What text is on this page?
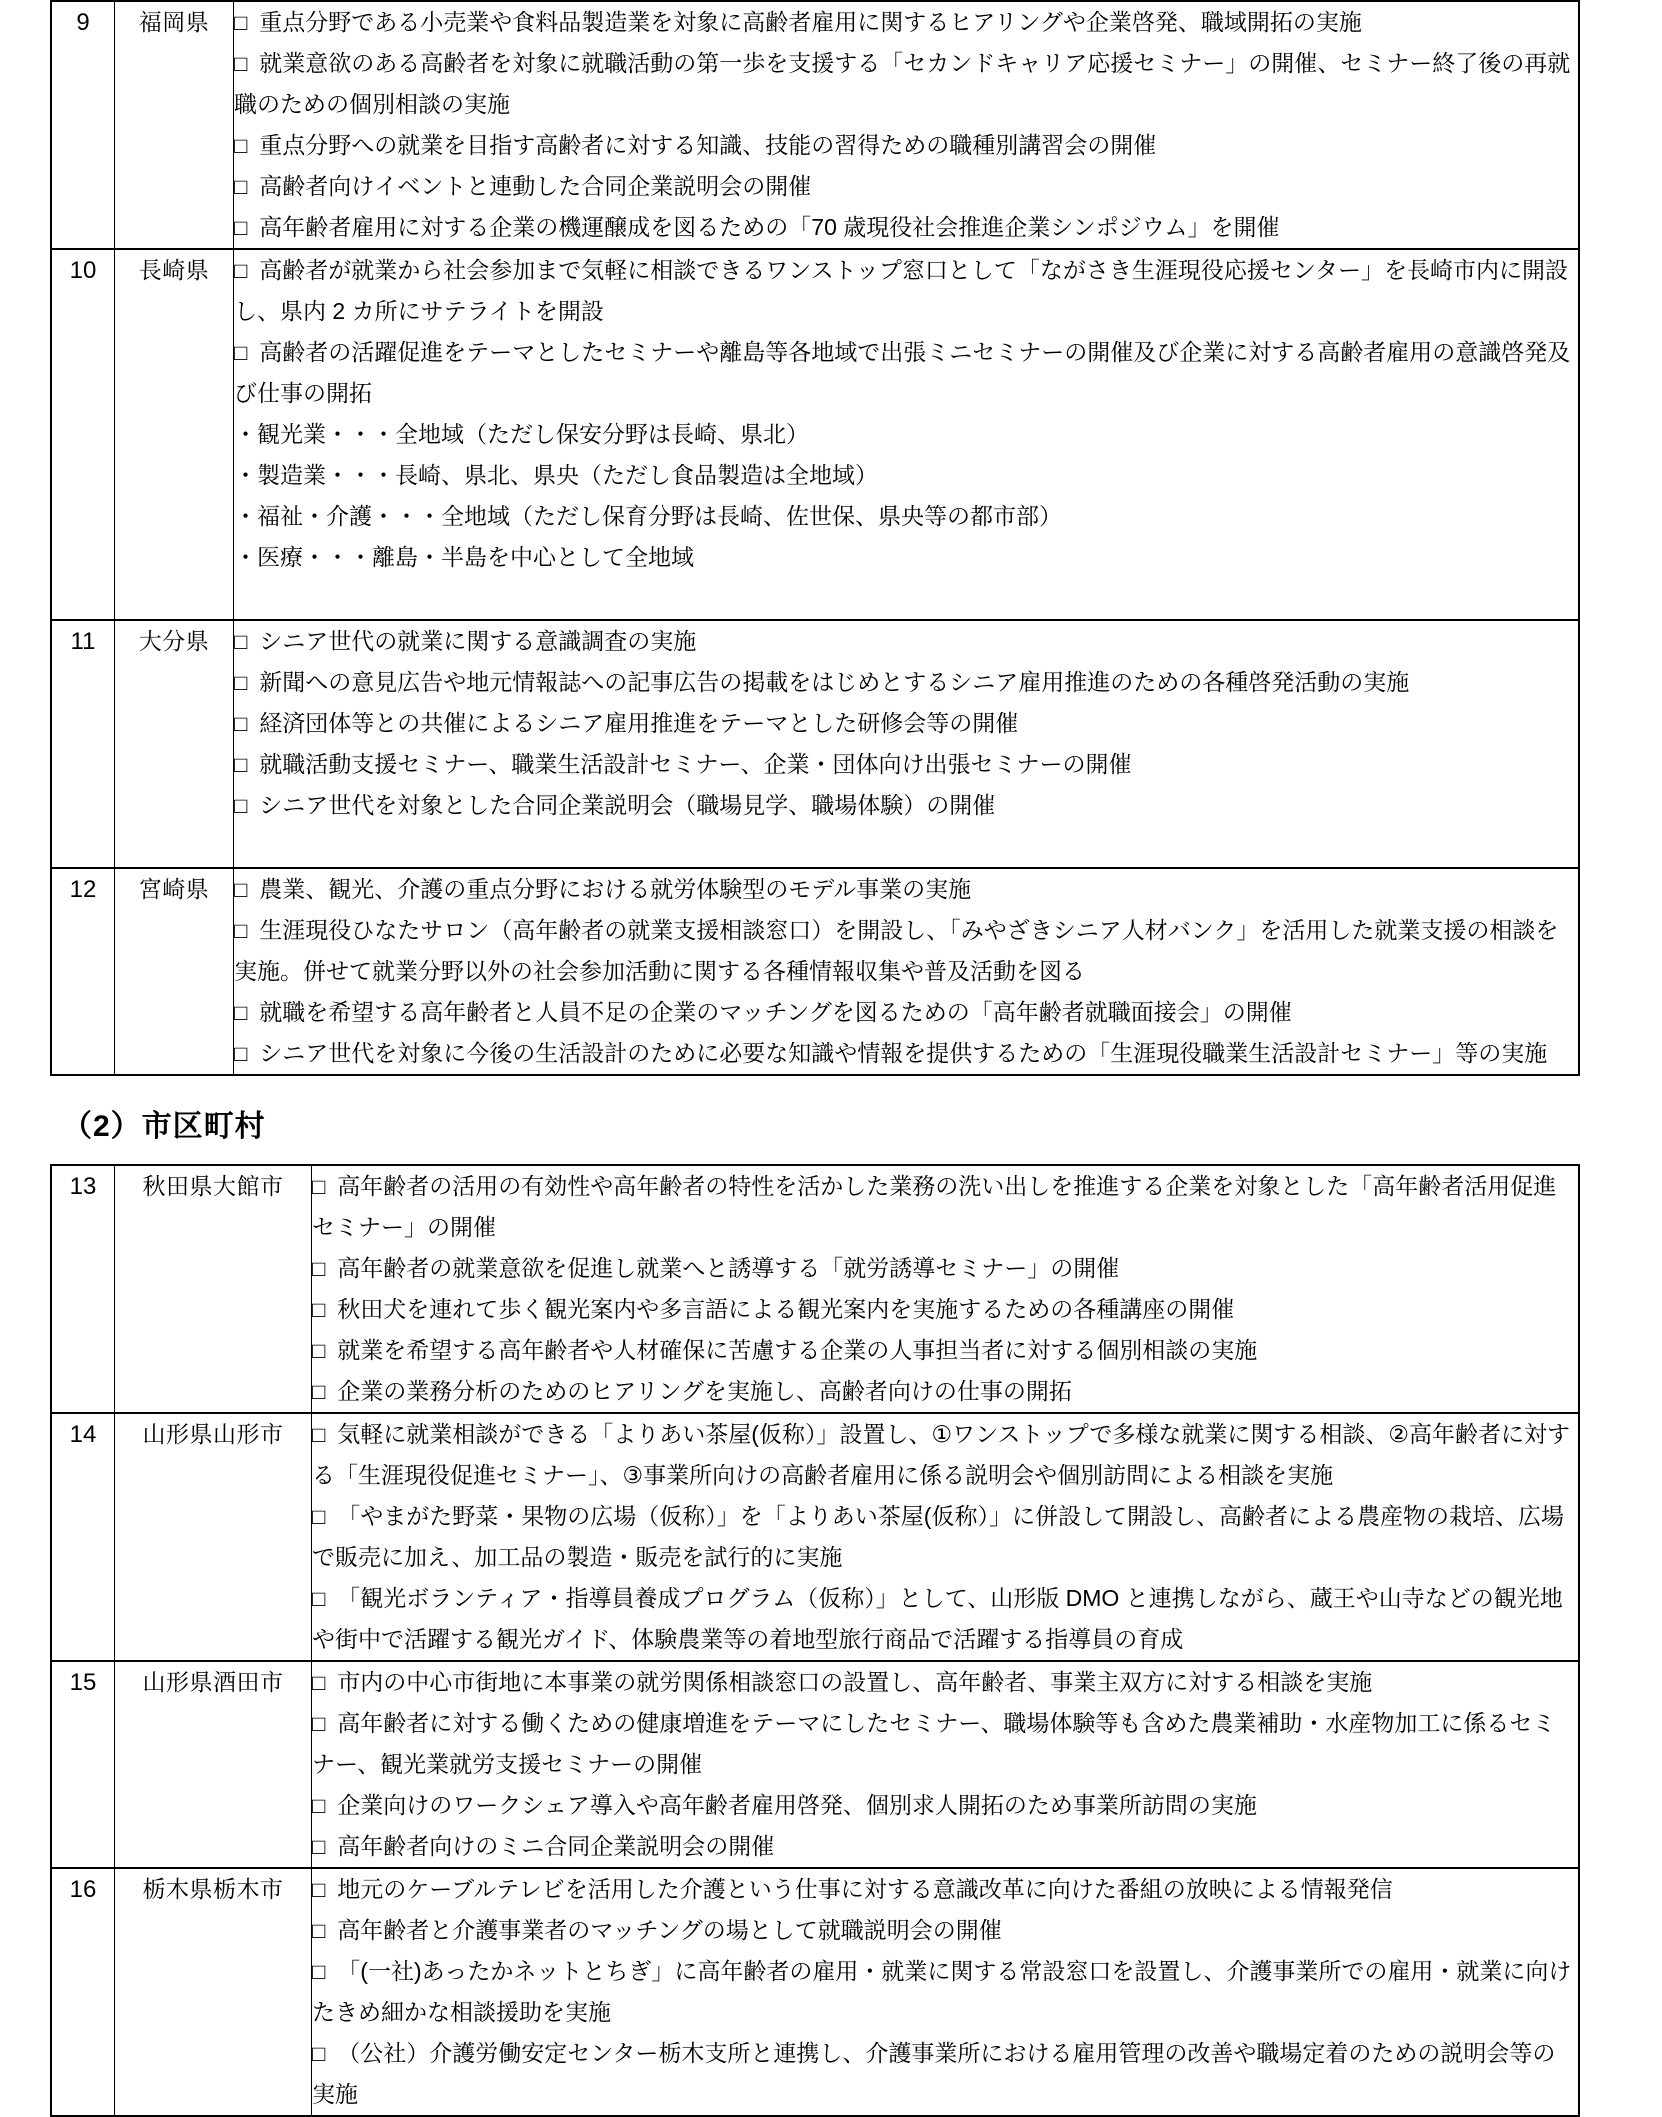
9	福岡県	□ 重点分野である小売業や食料品製造業を対象に高齢者雇用に関するヒアリングや企業啓発、職域開拓の実施
□ 就業意欲のある高齢者を対象に就職活動の第一歩を支援する「セカンドキャリア応援セミナー」の開催、セミナー終了後の再就職のための個別相談の実施
□ 重点分野への就業を目指す高齢者に対する知識、技能の習得ための職種別講習会の開催
□ 高齢者向けイベントと連動した合同企業説明会の開催
□ 高年齢者雇用に対する企業の機運醸成を図るための「70 歳現役社会推進企業シンポジウム」を開催

10	長崎県	□ 高齢者が就業から社会参加まで気軽に相談できるワンストップ窓口として「ながさき生涯現役応援センター」を長崎市内に開設し、県内 2 カ所にサテライトを開設
□ 高齢者の活躍促進をテーマとしたセミナーや離島等各地域で出張ミニセミナーの開催及び企業に対する高齢者雇用の意識啓発及び仕事の開拓
・観光業・・・全地域（ただし保安分野は長崎、県北）
・製造業・・・長崎、県北、県央（ただし食品製造は全地域）
・福祉・介護・・・全地域（ただし保育分野は長崎、佐世保、県央等の都市部）
・医療・・・離島・半島を中心として全地域

11	大分県	□ シニア世代の就業に関する意識調査の実施
□ 新聞への意見広告や地元情報誌への記事広告の掲載をはじめとするシニア雇用推進のための各種啓発活動の実施
□ 経済団体等との共催によるシニア雇用推進をテーマとした研修会等の開催
□ 就職活動支援セミナー、職業生活設計セミナー、企業・団体向け出張セミナーの開催
□ シニア世代を対象とした合同企業説明会（職場見学、職場体験）の開催

12	宮崎県	□ 農業、観光、介護の重点分野における就労体験型のモデル事業の実施
□ 生涯現役ひなたサロン（高年齢者の就業支援相談窓口）を開設し、「みやざきシニア人材バンク」を活用した就業支援の相談を実施。併せて就業分野以外の社会参加活動に関する各種情報収集や普及活動を図る
□ 就職を希望する高年齢者と人員不足の企業のマッチングを図るための「高年齢者就職面接会」の開催
□ シニア世代を対象に今後の生活設計のために必要な知識や情報を提供するための「生涯現役職業生活設計セミナー」等の実施
（2）市区町村
13	秋田県大館市	□ 高年齢者の活用の有効性や高年齢者の特性を活かした業務の洗い出しを推進する企業を対象とした「高年齢者活用促進セミナー」の開催
□ 高年齢者の就業意欲を促進し就業へと誘導する「就労誘導セミナー」の開催
□ 秋田犬を連れて歩く観光案内や多言語による観光案内を実施するための各種講座の開催
□ 就業を希望する高年齢者や人材確保に苦慮する企業の人事担当者に対する個別相談の実施
□ 企業の業務分析のためのヒアリングを実施し、高齢者向けの仕事の開拓

14	山形県山形市	□ 気軽に就業相談ができる「よりあい茶屋(仮称）」設置し、①ワンストップで多様な就業に関する相談、②高年齢者に対する「生涯現役促進セミナー」、③事業所向けの高齢者雇用に係る説明会や個別訪問による相談を実施
□ 「やまがた野菜・果物の広場（仮称）」を「よりあい茶屋(仮称）」に併設して開設し、高齢者による農産物の栽培、広場で販売に加え、加工品の製造・販売を試行的に実施
□ 「観光ボランティア・指導員養成プログラム（仮称）」として、山形版 DMO と連携しながら、蔵王や山寺などの観光地や街中で活躍する観光ガイド、体験農業等の着地型旅行商品で活躍する指導員の育成

15	山形県酒田市	□ 市内の中心市街地に本事業の就労関係相談窓口の設置し、高年齢者、事業主双方に対する相談を実施
□ 高年齢者に対する働くための健康増進をテーマにしたセミナー、職場体験等も含めた農業補助・水産物加工に係るセミナー、観光業就労支援セミナーの開催
□ 企業向けのワークシェア導入や高年齢者雇用啓発、個別求人開拓のため事業所訪問の実施
□ 高年齢者向けのミニ合同企業説明会の開催

16	栃木県栃木市	□ 地元のケーブルテレビを活用した介護という仕事に対する意識改革に向けた番組の放映による情報発信
□ 高年齢者と介護事業者のマッチングの場として就職説明会の開催
□ 「(一社)あったかネットとちぎ」に高年齢者の雇用・就業に関する常設窓口を設置し、介護事業所での雇用・就業に向けたきめ細かな相談援助を実施
□ （公社）介護労働安定センター栃木支所と連携し、介護事業所における雇用管理の改善や職場定着のための説明会等の実施
